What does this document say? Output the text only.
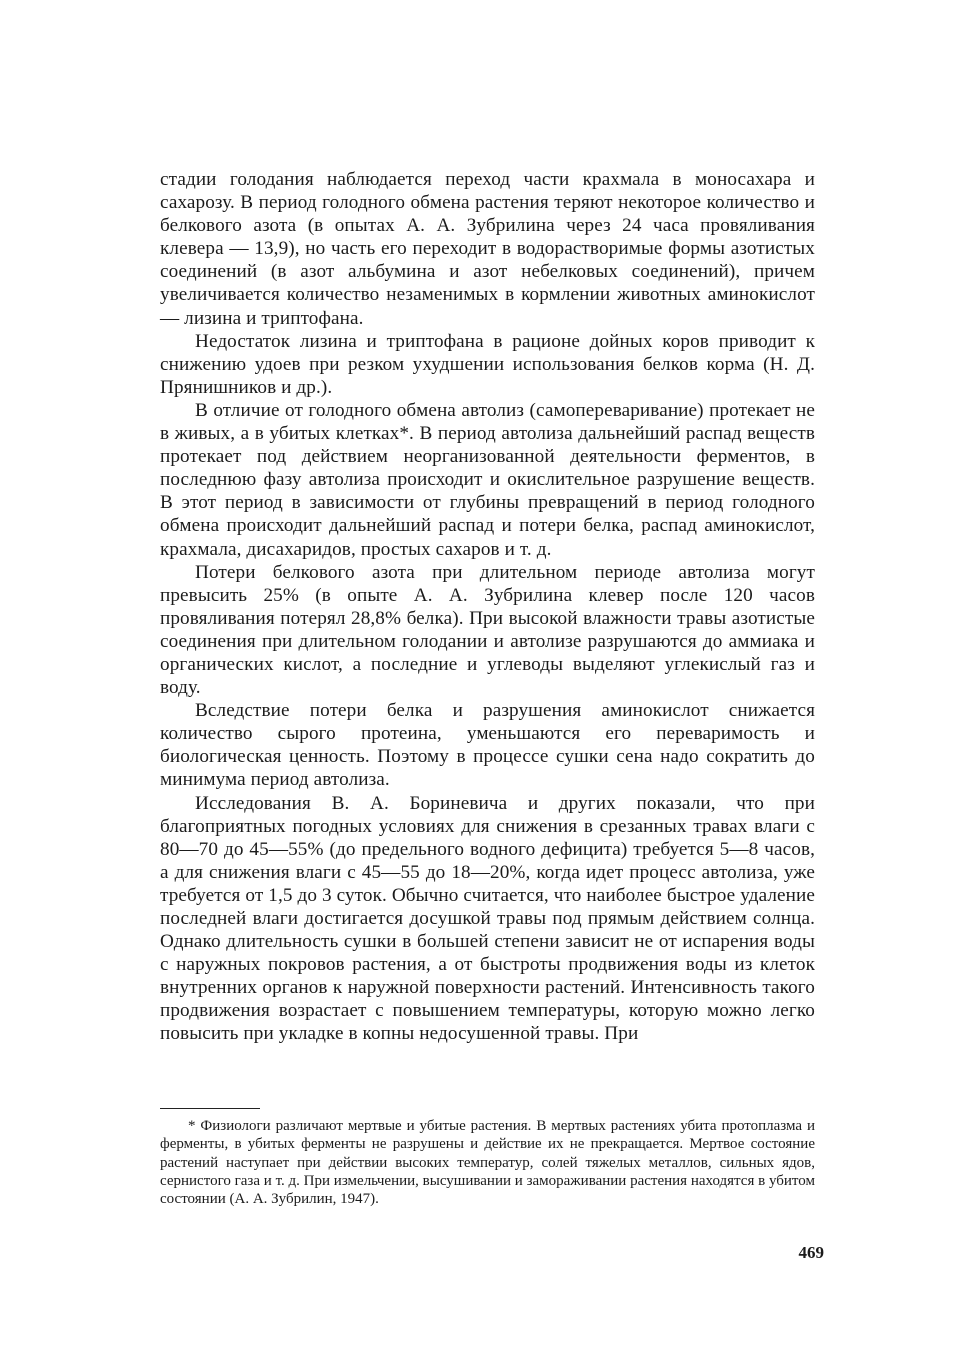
стадии голодания наблюдается переход части крахмала в моносахара и сахарозу. В период голодного обмена растения теряют некоторое количество и белкового азота (в опытах А. А. Зубрилина через 24 часа провяливания клевера — 13,9), но часть его переходит в водорастворимые формы азотистых соединений (в азот альбумина и азот небелковых соединений), причем увеличивается количество незаменимых в кормлении животных аминокислот — лизина и триптофана.

Недостаток лизина и триптофана в рационе дойных коров приводит к снижению удоев при резком ухудшении использования белков корма (Н. Д. Прянишников и др.).

В отличие от голодного обмена автолиз (самопереваривание) протекает не в живых, а в убитых клетках*. В период автолиза дальнейший распад веществ протекает под действием неорганизованной деятельности ферментов, в последнюю фазу автолиза происходит и окислительное разрушение веществ. В этот период в зависимости от глубины превращений в период голодного обмена происходит дальнейший распад и потери белка, распад аминокислот, крахмала, дисахаридов, простых сахаров и т. д.

Потери белкового азота при длительном периоде автолиза могут превысить 25% (в опыте А. А. Зубрилина клевер после 120 часов провяливания потерял 28,8% белка). При высокой влажности травы азотистые соединения при длительном голодании и автолизе разрушаются до аммиака и органических кислот, а последние и углеводы выделяют углекислый газ и воду.

Вследствие потери белка и разрушения аминокислот снижается количество сырого протеина, уменьшаются его переваримость и биологическая ценность. Поэтому в процессе сушки сена надо сократить до минимума период автолиза.

Исследования В. А. Бориневича и других показали, что при благоприятных погодных условиях для снижения в срезанных травах влаги с 80—70 до 45—55% (до предельного водного дефицита) требуется 5—8 часов, а для снижения влаги с 45—55 до 18—20%, когда идет процесс автолиза, уже требуется от 1,5 до 3 суток. Обычно считается, что наиболее быстрое удаление последней влаги достигается досушкой травы под прямым действием солнца. Однако длительность сушки в большей степени зависит не от испарения воды с наружных покровов растения, а от быстроты продвижения воды из клеток внутренних органов к наружной поверхности растений. Интенсивность такого продвижения возрастает с повышением температуры, которую можно легко повысить при укладке в копны недосушенной травы. При

* Физиологи различают мертвые и убитые растения. В мертвых растениях убита протоплазма и ферменты, в убитых ферменты не разрушены и действие их не прекращается. Мертвое состояние растений наступает при действии высоких температур, солей тяжелых металлов, сильных ядов, сернистого газа и т. д. При измельчении, высушивании и замораживании растения находятся в убитом состоянии (А. А. Зубрилин, 1947).

469
